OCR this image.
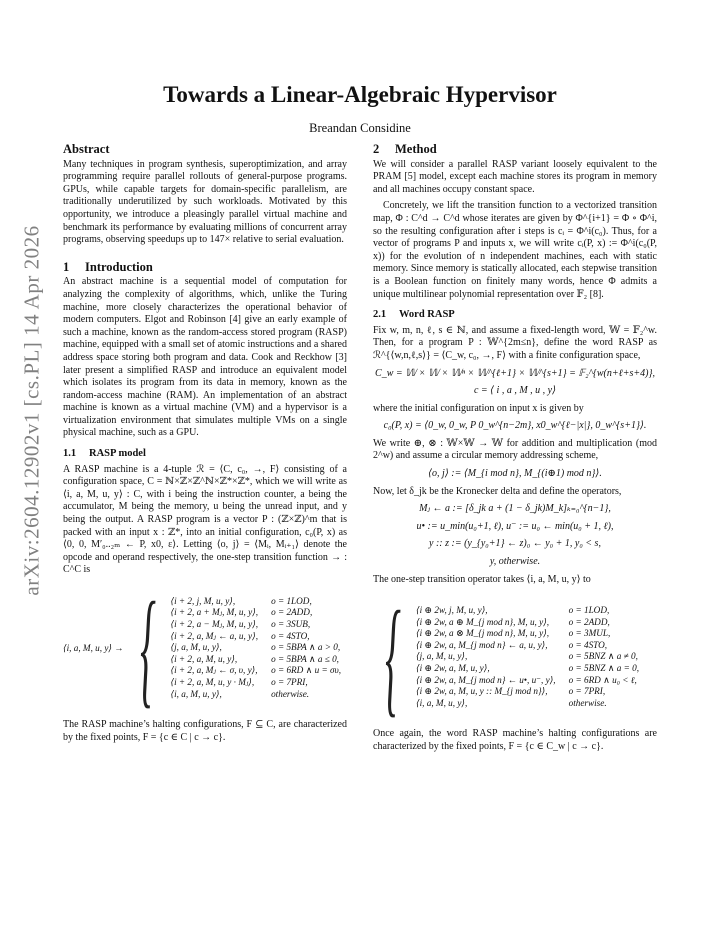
arXiv:2604.12902v1 [cs.PL] 14 Apr 2026
Towards a Linear-Algebraic Hypervisor
Breandan Considine
Abstract

Many techniques in program synthesis, superoptimization, and array programming require parallel rollouts of general-purpose programs. GPUs, while capable targets for domain-specific parallelism, are traditionally underutilized by such workloads. Motivated by this opportunity, we introduce a pleasingly parallel virtual machine and benchmark its performance by evaluating millions of concurrent array programs, observing speedups up to 147× relative to serial evaluation.

1 Introduction

An abstract machine is a sequential model of computation for analyzing the complexity of algorithms, which, unlike the Turing machine, more closely characterizes the operational behavior of modern computers. Elgot and Robinson [4] give an early example of such a machine, known as the random-access stored program (RASP) machine, equipped with a small set of atomic instructions and a shared address space storing both program and data. Cook and Reckhow [3] later present a simplified RASP and introduce an equivalent model which isolates its program from its data in memory, known as the random-access machine (RAM). An implementation of an abstract machine is known as a virtual machine (VM) and a hypervisor is a virtualization environment that simulates multiple VMs on a single physical machine, such as a GPU.

1.1 RASP model

A RASP machine is a 4-tuple ℛ = ⟨C, c₀, →, F⟩ consisting of a configuration space, C = ℕ×ℤ×ℤ^ℕ×ℤ*×ℤ*, which we will write as ⟨i, a, M, u, y⟩ : C, with i being the instruction counter, a being the accumulator, M being the memory, u being the unread input, and y being the output. A RASP program is a vector P : (ℤ×ℤ)^m that is packed with an input x : ℤ*, into an initial configuration, c₀(P, x) as ⟨0, 0, M′₀..₂ₘ ← P, x0, ε⟩. Letting ⟨o, j⟩ = ⟨Mᵢ, Mᵢ₊₁⟩ denote the opcode and operand respectively, the one-step transition function → : C^C is

⟨i, a, M, u, y⟩ → { ⟨i + 2, j, M, u, y⟩,	o = 1LOD,
⟨i + 2, a + Mⱼ, M, u, y⟩,	o = 2ADD,
⟨i + 2, a − Mⱼ, M, u, y⟩,	o = 3SUB,
⟨i + 2, a, Mⱼ ← a, u, y⟩,	o = 4STO,
⟨j, a, M, u, y⟩,	o = 5BPA ∧ a > 0,
⟨i + 2, a, M, u, y⟩,	o = 5BPA ∧ a ≤ 0,
⟨i + 2, a, Mⱼ ← σ, υ, y⟩,	o = 6RD ∧ u = συ,
⟨i + 2, a, M, u, y · Mⱼ⟩,	o = 7PRI,
⟨i, a, M, u, y⟩,	otherwise.

The RASP machine’s halting configurations, F ⊆ C, are characterized by the fixed points, F = {c ∈ C | c → c}.

2 Method

We will consider a parallel RASP variant loosely equivalent to the PRAM [5] model, except each machine stores its program in memory and all machines occupy constant space.

Concretely, we lift the transition function to a vectorized transition map, Φ : C^d → C^d whose iterates are given by Φ^{i+1} = Φ ∘ Φ^i, so the resulting configuration after i steps is cᵢ = Φ^i(c₀). Thus, for a vector of programs P and inputs x, we will write cᵢ(P, x) := Φ^i(c₀(P, x)) for the evolution of n independent machines, each with static memory. Since memory is statically allocated, each stepwise transition is a Boolean function on finitely many words, hence Φ admits a unique multilinear polynomial representation over 𝔽₂ [8].

2.1 Word RASP

Fix w, m, n, ℓ, s ∈ ℕ, and assume a fixed-length word, 𝕎 = 𝔽₂^w. Then, for a program P : 𝕎^{2m≤n}, define the word RASP as ℛ^{⟨w,n,ℓ,s⟩} = ⟨C_w, c₀, →, F⟩ with a finite configuration space,

C_w = 𝕎 × 𝕎 × 𝕎ⁿ × 𝕎^{ℓ+1} × 𝕎^{s+1} = 𝔽₂^{w(n+ℓ+s+4)},
c = ⟨ i , a , M , u , y⟩

where the initial configuration on input x is given by

c₀(P, x) = ⟨0_w, 0_w, P 0_w^{n−2m}, x0_w^{ℓ−|x|}, 0_w^{s+1}⟩.

We write ⊕, ⊗ : 𝕎×𝕎 → 𝕎 for addition and multiplication (mod 2^w) and assume a circular memory addressing scheme,

⟨o, j⟩ := ⟨M_{i mod n}, M_{(i⊕1) mod n}⟩.

Now, let δ_jk be the Kronecker delta and define the operators,

Mⱼ ← a := [δ_jk a + (1 − δ_jk)M_k]ₖ₌₀^{n−1},
u• := u_min(u₀+1, ℓ), u⁻ := u₀ ← min(u₀ + 1, ℓ),
y :: z := (y_{y₀+1} ← z)₀ ← y₀ + 1, y₀ < s,
y, otherwise.

The one-step transition operator takes ⟨i, a, M, u, y⟩ to

{ ⟨i ⊕ 2w, j, M, u, y⟩,	o = 1LOD,
⟨i ⊕ 2w, a ⊕ M_{j mod n}, M, u, y⟩,	o = 2ADD,
⟨i ⊕ 2w, a ⊗ M_{j mod n}, M, u, y⟩,	o = 3MUL,
⟨i ⊕ 2w, a, M_{j mod n} ← a, u, y⟩,	o = 4STO,
⟨j, a, M, u, y⟩,	o = 5BNZ ∧ a ≠ 0,
⟨i ⊕ 2w, a, M, u, y⟩,	o = 5BNZ ∧ a = 0,
⟨i ⊕ 2w, a, M_{j mod n} ← u•, u⁻, y⟩,	o = 6RD ∧ u₀ < ℓ,
⟨i ⊕ 2w, a, M, u, y :: M_{j mod n}⟩,	o = 7PRI,
⟨i, a, M, u, y⟩,	otherwise.

Once again, the word RASP machine’s halting configurations are characterized by the fixed points, F = {c ∈ C_w | c → c}.
